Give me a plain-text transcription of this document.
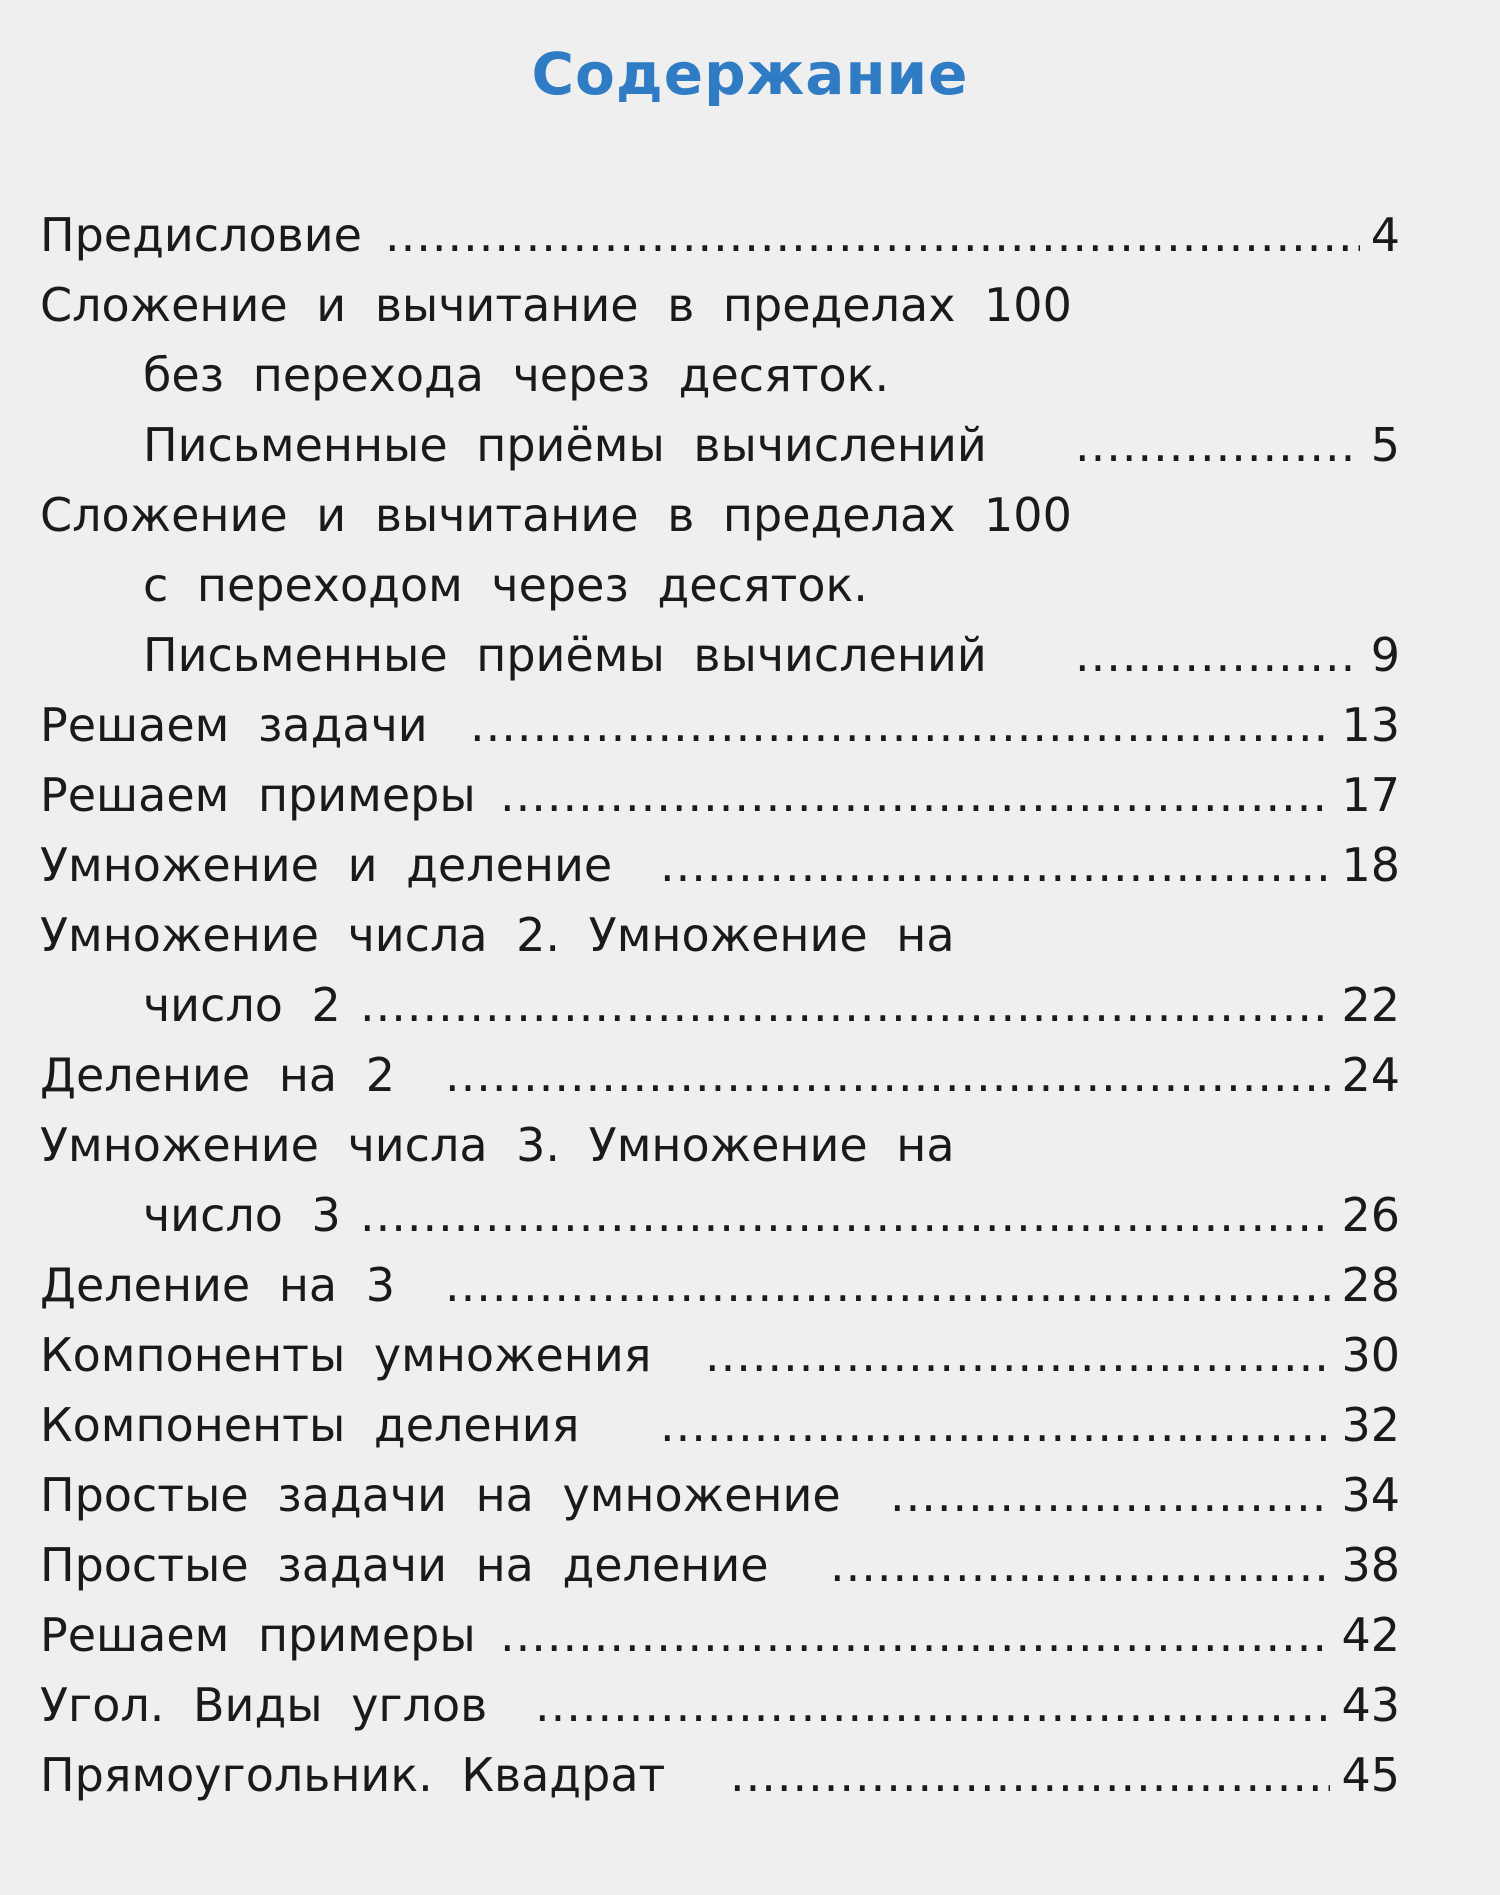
Содержание
Предисловие .....	4
Сложение и вычитание в пределах 100
без перехода через десяток.
Письменные приёмы вычислений .....	5
Сложение и вычитание в пределах 100
с переходом через десяток.
Письменные приёмы вычислений .....	9
Решаем задачи .....	13
Решаем примеры .....	17
Умножение и деление .....	18
Умножение числа 2. Умножение на
число 2 .....	22
Деление на 2 .....	24
Умножение числа 3. Умножение на
число 3 .....	26
Деление на 3 .....	28
Компоненты умножения .....	30
Компоненты деления .....	32
Простые задачи на умножение .....	34
Простые задачи на деление .....	38
Решаем примеры .....	42
Угол. Виды углов .....	43
Прямоугольник. Квадрат .....	45
